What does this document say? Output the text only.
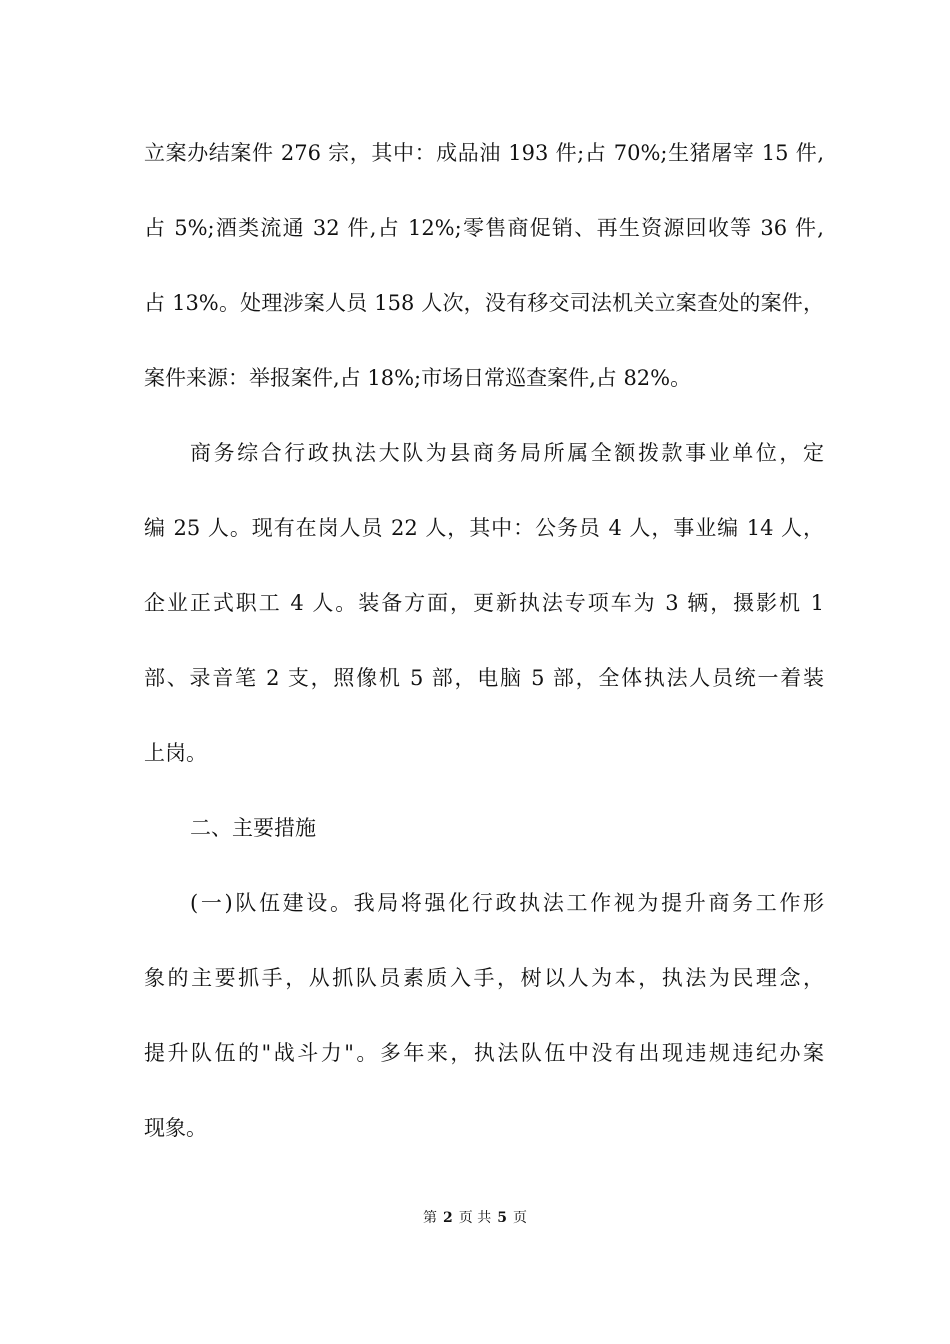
立案办结案件 276 宗，其中：成品油 193 件;占 70%;生猪屠宰 15 件,
占 5%;酒类流通 32 件,占 12%;零售商促销、再生资源回收等 36 件,
占 13%。处理涉案人员 158 人次，没有移交司法机关立案查处的案件，
案件来源：举报案件,占 18%;市场日常巡查案件,占 82%。
商务综合行政执法大队为县商务局所属全额拨款事业单位，定
编 25 人。现有在岗人员 22 人，其中：公务员 4 人，事业编 14 人，
企业正式职工 4 人。装备方面，更新执法专项车为 3 辆，摄影机 1
部、录音笔 2 支，照像机 5 部，电脑 5 部，全体执法人员统一着装
上岗。
二、主要措施
(一)队伍建设。我局将强化行政执法工作视为提升商务工作形
象的主要抓手，从抓队员素质入手，树以人为本，执法为民理念，
提升队伍的"战斗力"。多年来，执法队伍中没有出现违规违纪办案
现象。
第 2 页 共 5 页
